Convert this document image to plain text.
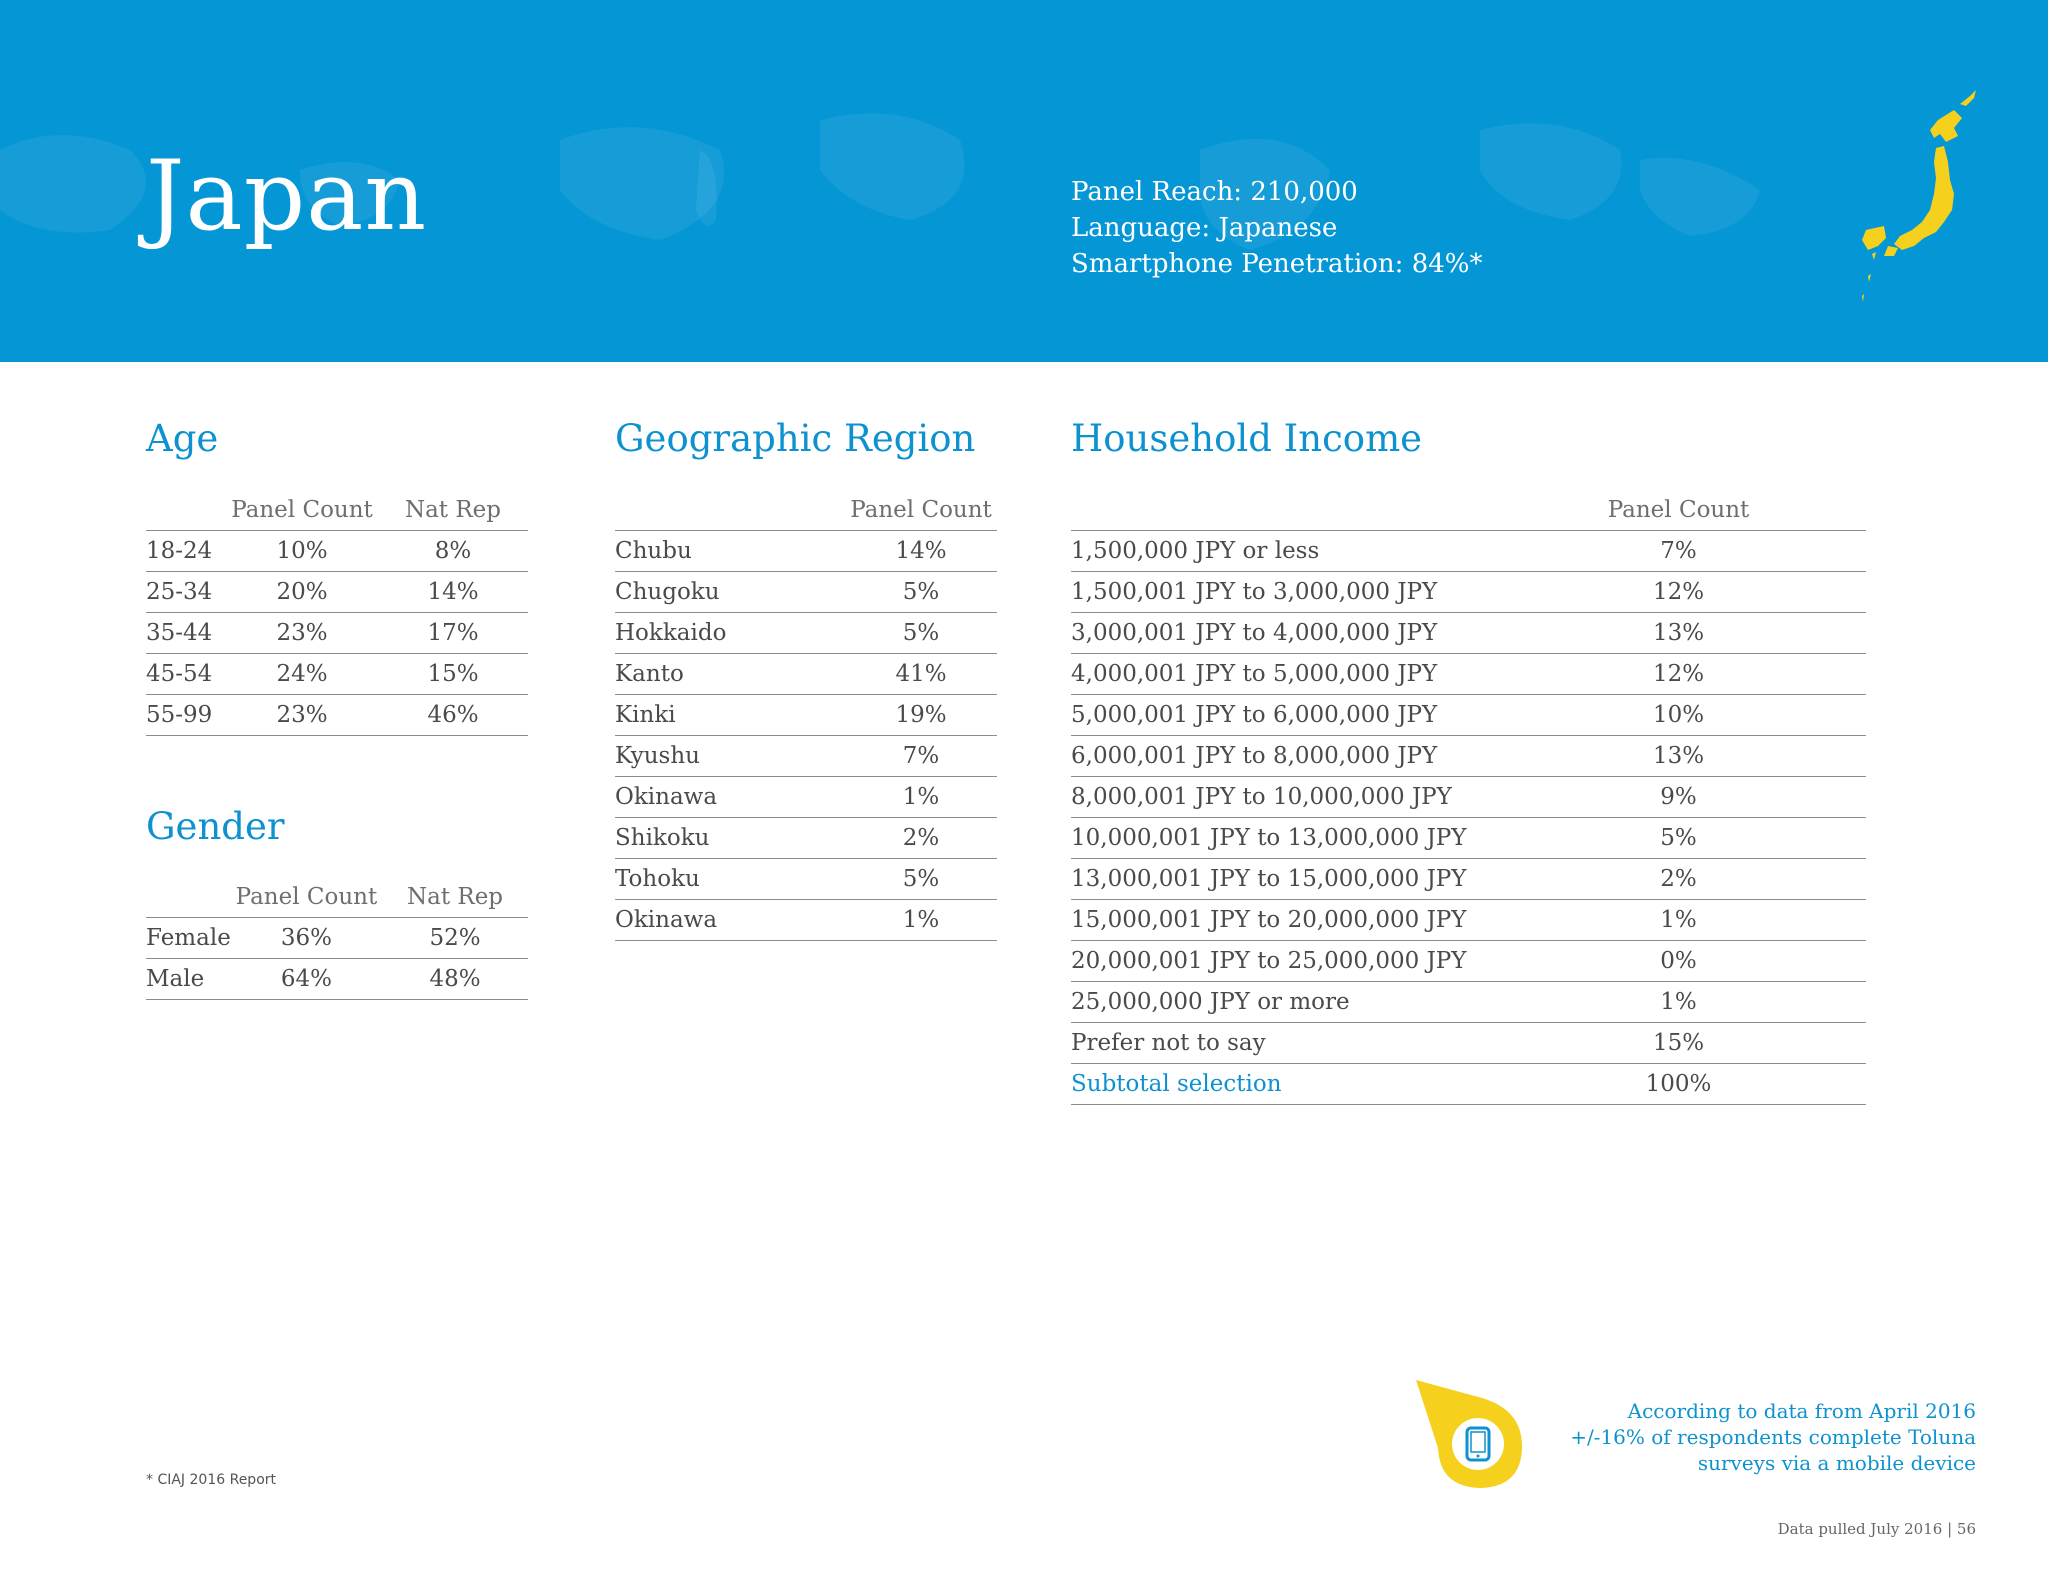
Japan	Panel Reach: 210,000
Language: Japanese
Smartphone Penetration: 84%*
Age
	Panel Count	Nat Rep
18-24	10%	8%
25-34	20%	14%
35-44	23%	17%
45-54	24%	15%
55-99	23%	46%
Gender
	Panel Count	Nat Rep
Female	36%	52%
Male	64%	48%
Geographic Region
	Panel Count
Chubu	14%
Chugoku	5%
Hokkaido	5%
Kanto	41%
Kinki	19%
Kyushu	7%
Okinawa	1%
Shikoku	2%
Tohoku	5%
Okinawa	1%
Household Income
	Panel Count	
1,500,000 JPY or less	7%	
1,500,001 JPY to 3,000,000 JPY	12%	
3,000,001 JPY to 4,000,000 JPY	13%	
4,000,001 JPY to 5,000,000 JPY	12%	
5,000,001 JPY to 6,000,000 JPY	10%	
6,000,001 JPY to 8,000,000 JPY	13%	
8,000,001 JPY to 10,000,000 JPY	9%	
10,000,001 JPY to 13,000,000 JPY	5%	
13,000,001 JPY to 15,000,000 JPY	2%	
15,000,001 JPY to 20,000,000 JPY	1%	
20,000,001 JPY to 25,000,000 JPY	0%	
25,000,000 JPY or more	1%	
Prefer not to say	15%	
Subtotal selection	100%	
* CIAJ 2016 Report
According to data from April 2016
+/-16% of respondents complete Toluna
surveys via a mobile device
Data pulled July 2016 | 56
